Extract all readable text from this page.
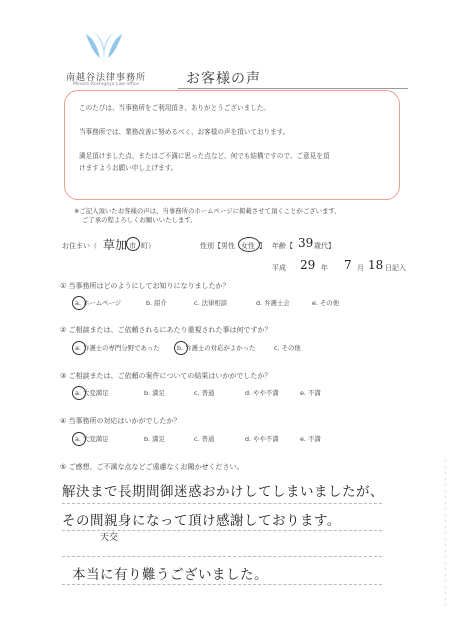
南越谷法律事務所
Minami Koshigaya Law office	お客様の声

このたびは、当事務所をご利用頂き、ありがとうございました。

当事務所では、業務改善に努めるべく、お客様の声を頂いております。

満足頂けました点、またはご不満に思った点など、何でも結構ですので、ご意見を頂

けますようお願い申し上げます。

※ご記入頂いたお客様の声は、当事務所のホームページに掲載させて頂くことがございます、
ご了承の程よろしくお願いいたします。
お住まい（ 草加 市 町）	性別【男性 女性 】 年齢【 39 歳代】
平成 29 年 7 月 18 日記入
① 当事務所はどのようにしてお知りになりましたか？
a. ホームページ	b. 紹介	c. 法律相談	d. 弁護士会	e. その他
② ご相談または、ご依頼されるにあたり重視された事は何ですか？
a. 弁護士の専門分野であった	b. 弁護士の対応がよかった	c. その他
③ ご相談または、ご依頼の案件についての結果はいかがでしたか？
a. 大変満足	b. 満足	c. 普通	d. やや不満	e. 不満
④ 当事務所の対応はいかがでしたか？
a. 大変満足	b. 満足	c. 普通	d. やや不満	e. 不満
⑤ ご感想、ご不満な点などご遠慮なくお聞かせください。
解決まで長期間御迷惑おかけしてしまいましたが、
その間親身になって頂け感謝しております。
天交
本当に有り難うございました。
